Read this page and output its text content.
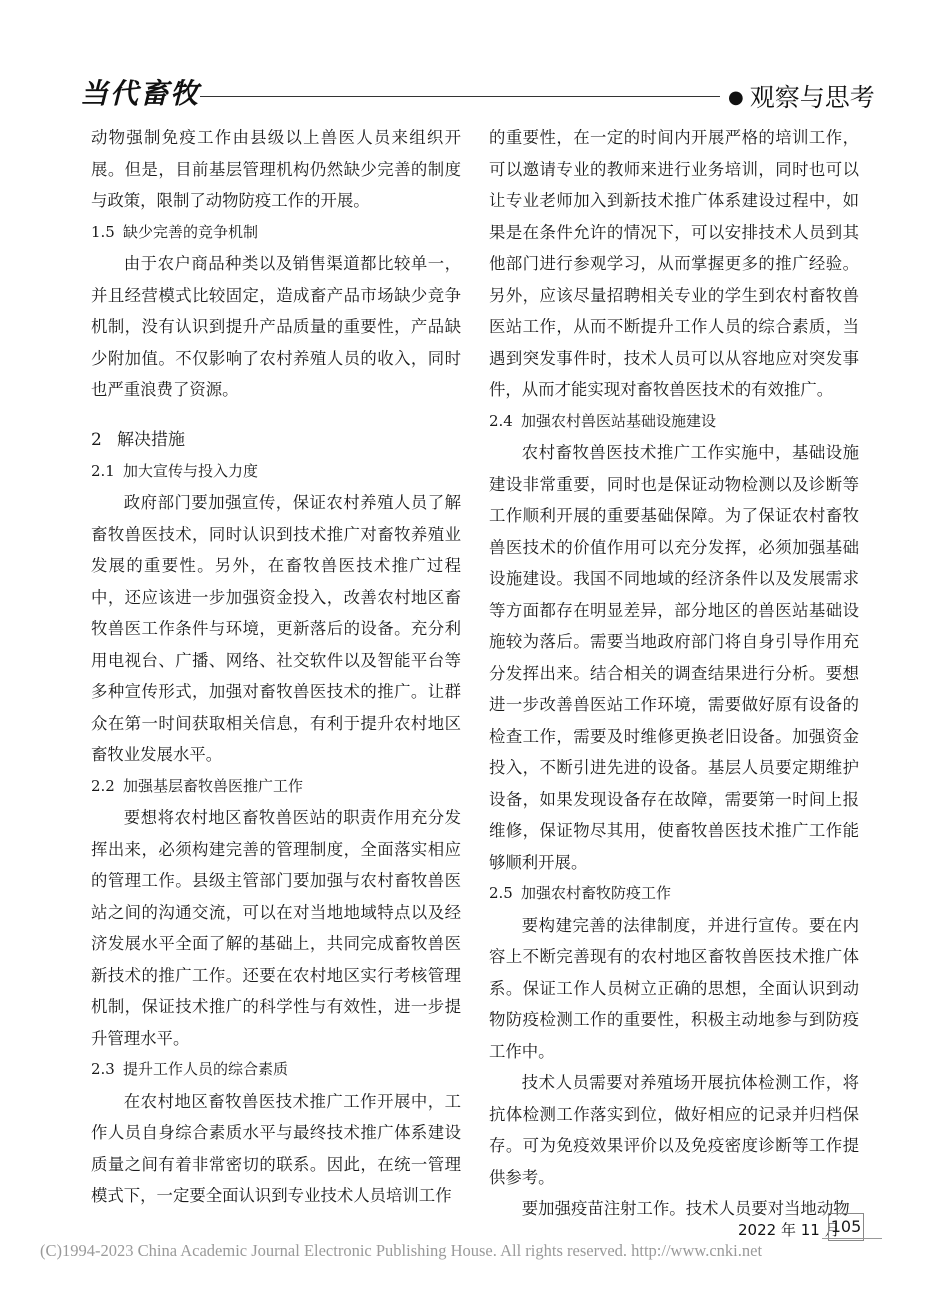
当代畜牧	● 观察与思考

动物强制免疫工作由县级以上兽医人员来组织开展。但是，目前基层管理机构仍然缺少完善的制度与政策，限制了动物防疫工作的开展。

1.5 缺少完善的竞争机制

由于农户商品种类以及销售渠道都比较单一，并且经营模式比较固定，造成畜产品市场缺少竞争机制，没有认识到提升产品质量的重要性，产品缺少附加值。不仅影响了农村养殖人员的收入，同时也严重浪费了资源。

2 解决措施
2.1 加大宣传与投入力度

政府部门要加强宣传，保证农村养殖人员了解畜牧兽医技术，同时认识到技术推广对畜牧养殖业发展的重要性。另外，在畜牧兽医技术推广过程中，还应该进一步加强资金投入，改善农村地区畜牧兽医工作条件与环境，更新落后的设备。充分利用电视台、广播、网络、社交软件以及智能平台等多种宣传形式，加强对畜牧兽医技术的推广。让群众在第一时间获取相关信息，有利于提升农村地区畜牧业发展水平。

2.2 加强基层畜牧兽医推广工作

要想将农村地区畜牧兽医站的职责作用充分发挥出来，必须构建完善的管理制度，全面落实相应的管理工作。县级主管部门要加强与农村畜牧兽医站之间的沟通交流，可以在对当地地域特点以及经济发展水平全面了解的基础上，共同完成畜牧兽医新技术的推广工作。还要在农村地区实行考核管理机制，保证技术推广的科学性与有效性，进一步提升管理水平。

2.3 提升工作人员的综合素质

在农村地区畜牧兽医技术推广工作开展中，工作人员自身综合素质水平与最终技术推广体系建设质量之间有着非常密切的联系。因此，在统一管理模式下，一定要全面认识到专业技术人员培训工作

的重要性，在一定的时间内开展严格的培训工作，可以邀请专业的教师来进行业务培训，同时也可以让专业老师加入到新技术推广体系建设过程中，如果是在条件允许的情况下，可以安排技术人员到其他部门进行参观学习，从而掌握更多的推广经验。另外，应该尽量招聘相关专业的学生到农村畜牧兽医站工作，从而不断提升工作人员的综合素质，当遇到突发事件时，技术人员可以从容地应对突发事件，从而才能实现对畜牧兽医技术的有效推广。

2.4 加强农村兽医站基础设施建设

农村畜牧兽医技术推广工作实施中，基础设施建设非常重要，同时也是保证动物检测以及诊断等工作顺利开展的重要基础保障。为了保证农村畜牧兽医技术的价值作用可以充分发挥，必须加强基础设施建设。我国不同地域的经济条件以及发展需求等方面都存在明显差异，部分地区的兽医站基础设施较为落后。需要当地政府部门将自身引导作用充分发挥出来。结合相关的调查结果进行分析。要想进一步改善兽医站工作环境，需要做好原有设备的检查工作，需要及时维修更换老旧设备。加强资金投入，不断引进先进的设备。基层人员要定期维护设备，如果发现设备存在故障，需要第一时间上报维修，保证物尽其用，使畜牧兽医技术推广工作能够顺利开展。

2.5 加强农村畜牧防疫工作

要构建完善的法律制度，并进行宣传。要在内容上不断完善现有的农村地区畜牧兽医技术推广体系。保证工作人员树立正确的思想，全面认识到动物防疫检测工作的重要性，积极主动地参与到防疫工作中。

技术人员需要对养殖场开展抗体检测工作，将抗体检测工作落实到位，做好相应的记录并归档保存。可为免疫效果评价以及免疫密度诊断等工作提供参考。

要加强疫苗注射工作。技术人员要对当地动物

2022 年 11 月
105
(C)1994-2023 China Academic Journal Electronic Publishing House. All rights reserved. http://www.cnki.net
